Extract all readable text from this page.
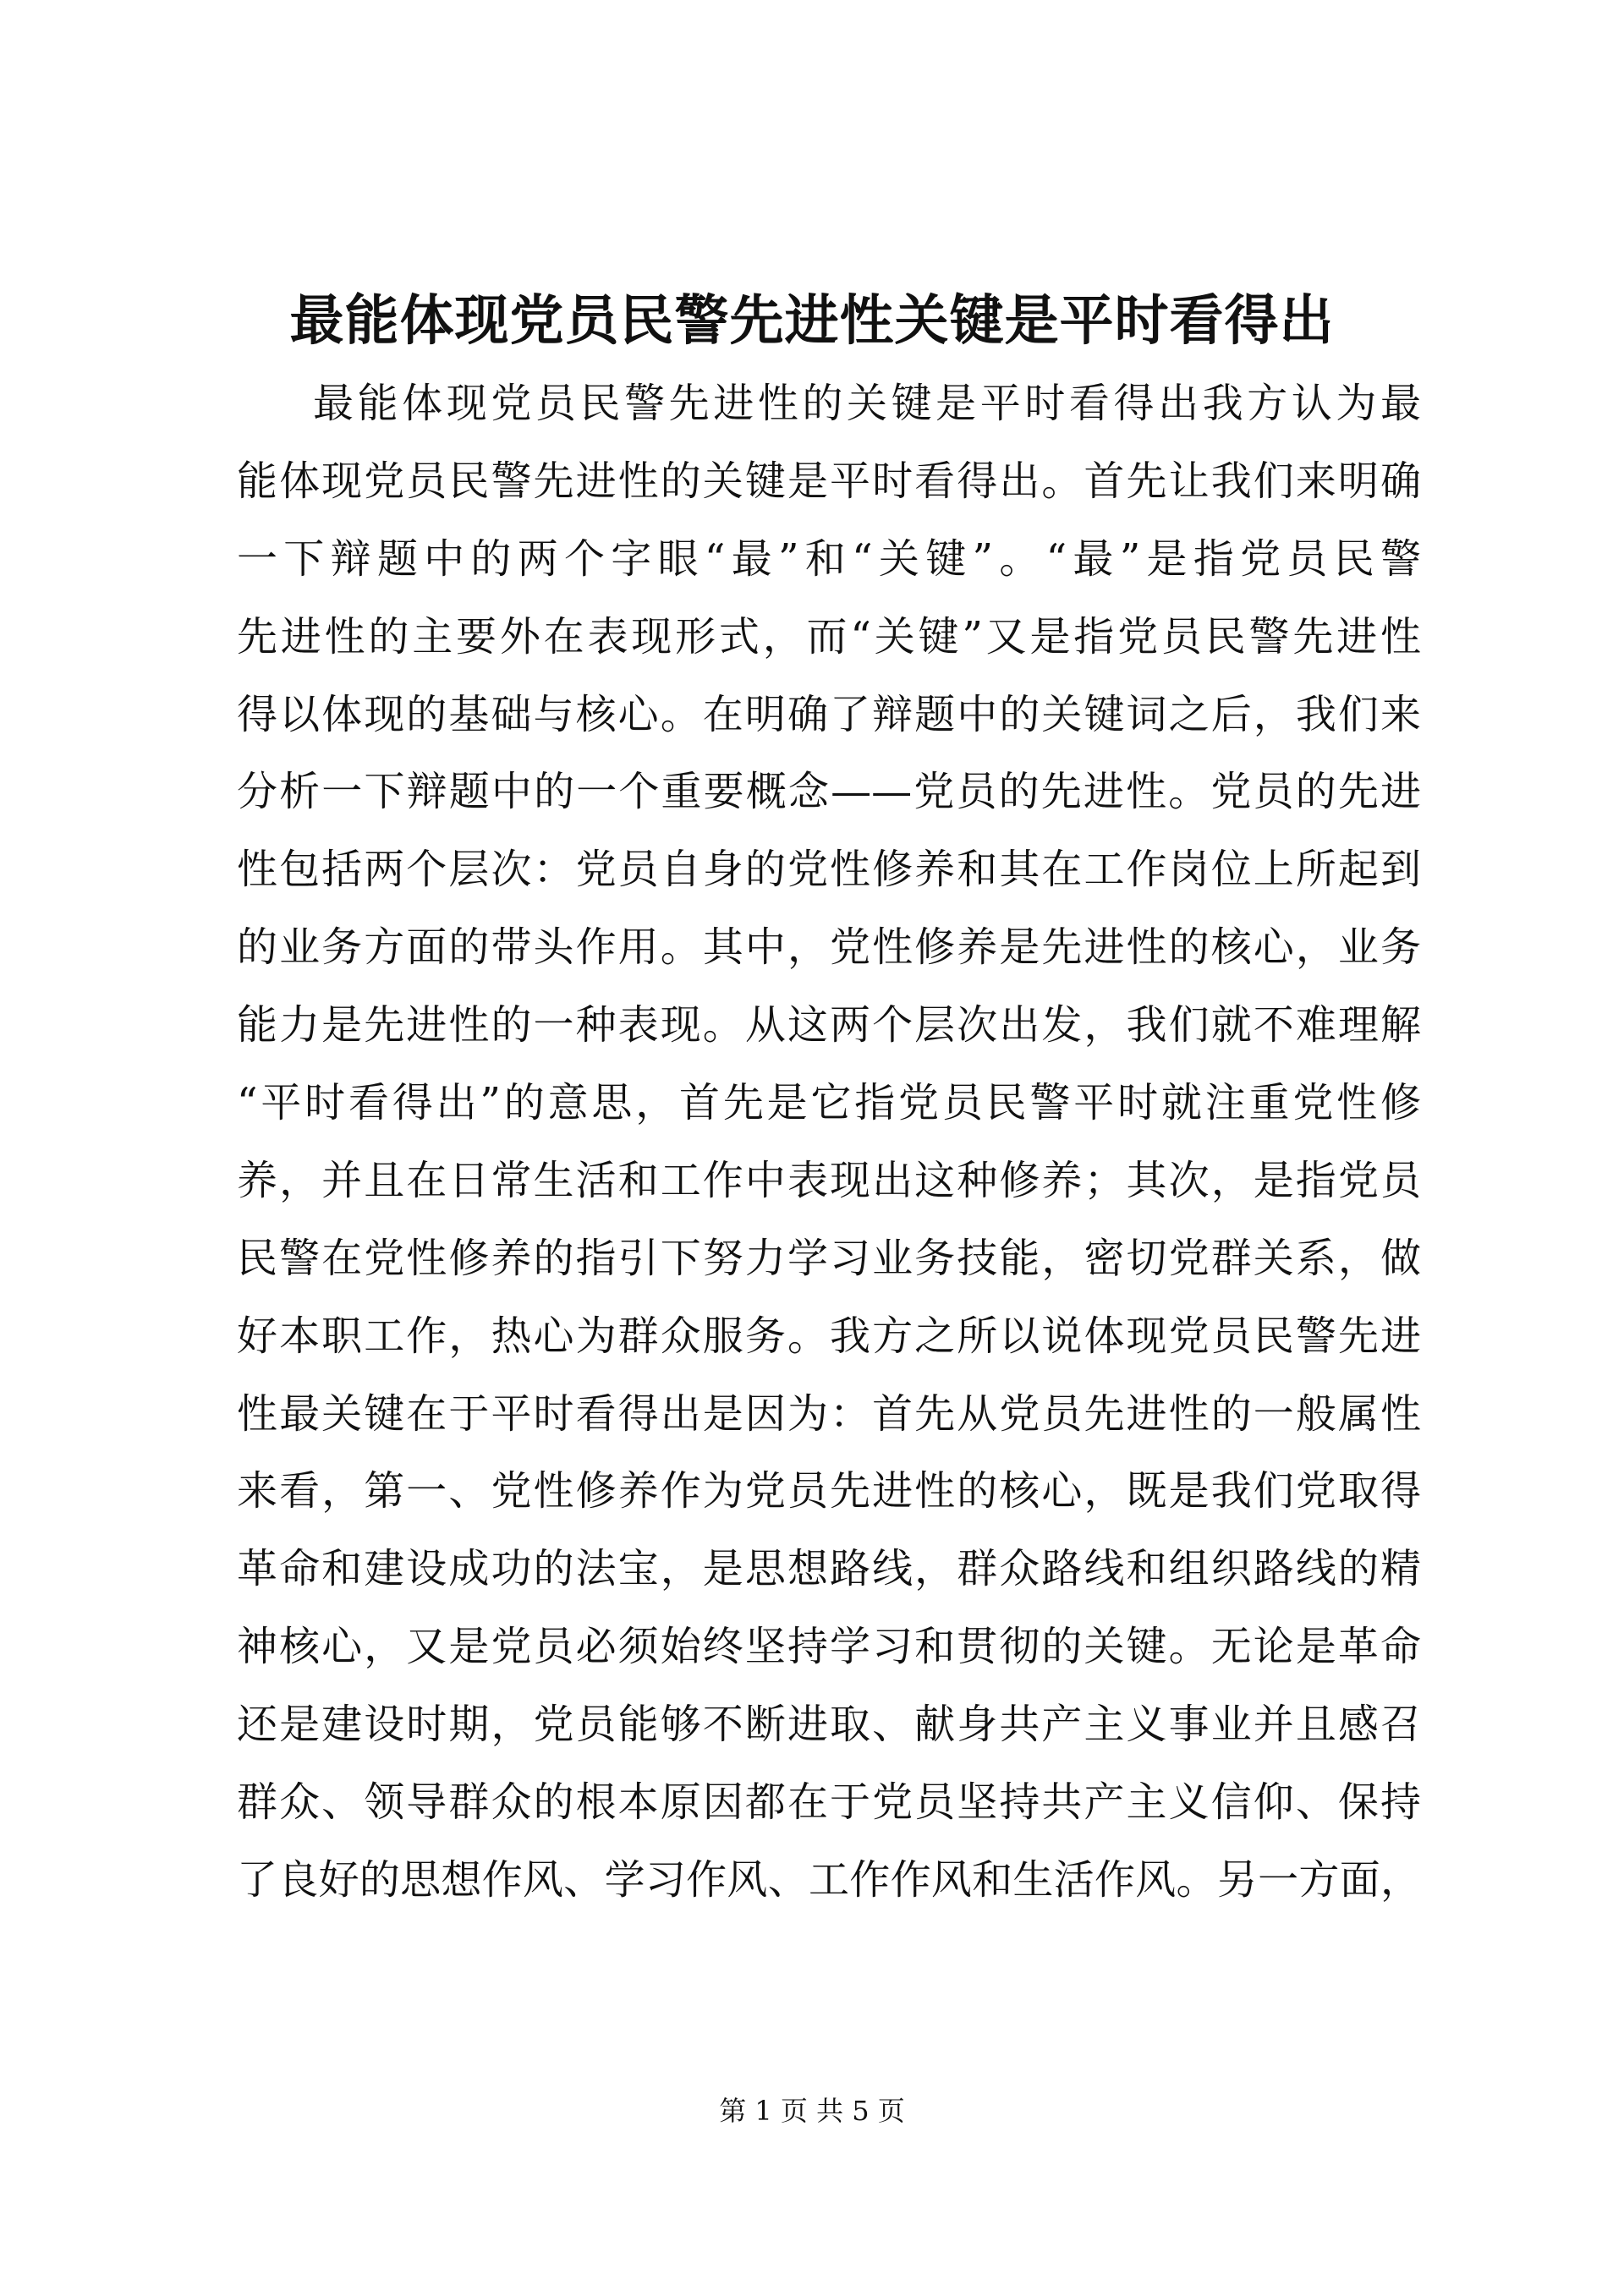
最能体现党员民警先进性关键是平时看得出
最能体现党员民警先进性的关键是平时看得出我方认为最
能体现党员民警先进性的关键是平时看得出。首先让我们来明确
一下辩题中的两个字眼“最”和“关键”。“最”是指党员民警
先进性的主要外在表现形式，而“关键”又是指党员民警先进性
得以体现的基础与核心。在明确了辩题中的关键词之后，我们来
分析一下辩题中的一个重要概念——党员的先进性。党员的先进
性包括两个层次：党员自身的党性修养和其在工作岗位上所起到
的业务方面的带头作用。其中，党性修养是先进性的核心，业务
能力是先进性的一种表现。从这两个层次出发，我们就不难理解
“平时看得出”的意思，首先是它指党员民警平时就注重党性修
养，并且在日常生活和工作中表现出这种修养；其次，是指党员
民警在党性修养的指引下努力学习业务技能，密切党群关系，做
好本职工作，热心为群众服务。我方之所以说体现党员民警先进
性最关键在于平时看得出是因为：首先从党员先进性的一般属性
来看，第一、党性修养作为党员先进性的核心，既是我们党取得
革命和建设成功的法宝，是思想路线，群众路线和组织路线的精
神核心，又是党员必须始终坚持学习和贯彻的关键。无论是革命
还是建设时期，党员能够不断进取、献身共产主义事业并且感召
群众、领导群众的根本原因都在于党员坚持共产主义信仰、保持
了良好的思想作风、学习作风、工作作风和生活作风。另一方面，
第 1 页 共 5 页
